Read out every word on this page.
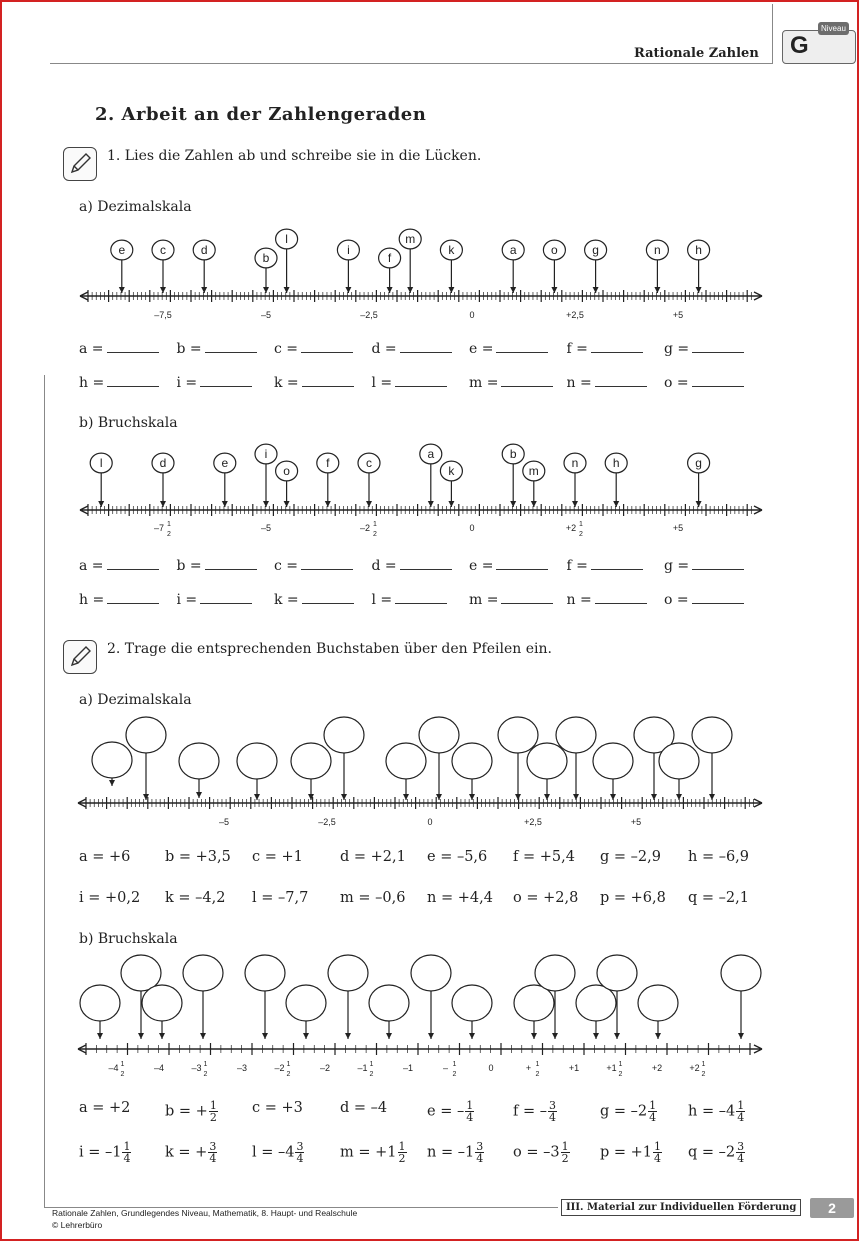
Rationale Zahlen G
Niveau
2. Arbeit an der Zahlengeraden
1. Lies die Zahlen ab und schreibe sie in die Lücken.
a) Dezimalskala
b) Bruchskala
a =	b =	c =	d =	e =	f =	g =
h =	i =	k =	l =	m =	n =	o =
a =	b =	c =	d =	e =	f =	g =
h =	i =	k =	l =	m =	n =	o =
2. Trage die entsprechenden Buchstaben über den Pfeilen ein.
a) Dezimalskala
b) Bruchskala
a = +6 b = +3,5 c = +1	d = +2,1 e = –5,6 f = +5,4 g = –2,9 h = –6,9
i = +0,2 k = –4,2 l = –7,7 m = –0,6 n = +4,4 o = +2,8 p = +6,8 q = –2,1
a = +2 b = + $\frac{1}{2}$ c = +3	d = –4	e = – $\frac{1}{4}$	f = – $\frac{3}{4}$	$g = -2 \frac{1}{4}$ $h = -4 \frac{1}{4}$
$i = -1 \frac{1}{4}$ k = + $\frac{3}{4}$ $l = -4 \frac{3}{4}$ $m = +1 \frac{1}{2}$ $n = -1 \frac{3}{4}$ $o = -3 \frac{1}{2}$ $p = +1 \frac{1}{4}$ $q = -2 \frac{3}{4}$
–7,5	–5	–2,5	0	+2,5	+5
e	c	d
b
l
i
f
m
k	a	o	g	n	h
–7 1
2
–5	–2 1
2
0	+2 1
2
+5
l	d	e
i
o
f	c
a
k
b
m
n	h	g
–5	–2,5	0	+2,5	+5
–4 1
2
–4	–3 1
2
–3	–2 1
2
–2	–1 1
2
–1	– 1
2
0	+ 1
2
+1	+1 1
2
+2	+2 1
2
Rationale Zahlen, Grundlegendes Niveau, Mathematik, 8. Haupt- und Realschule
© Lehrerbüro
III. Material zur Individuellen Förderung	2
